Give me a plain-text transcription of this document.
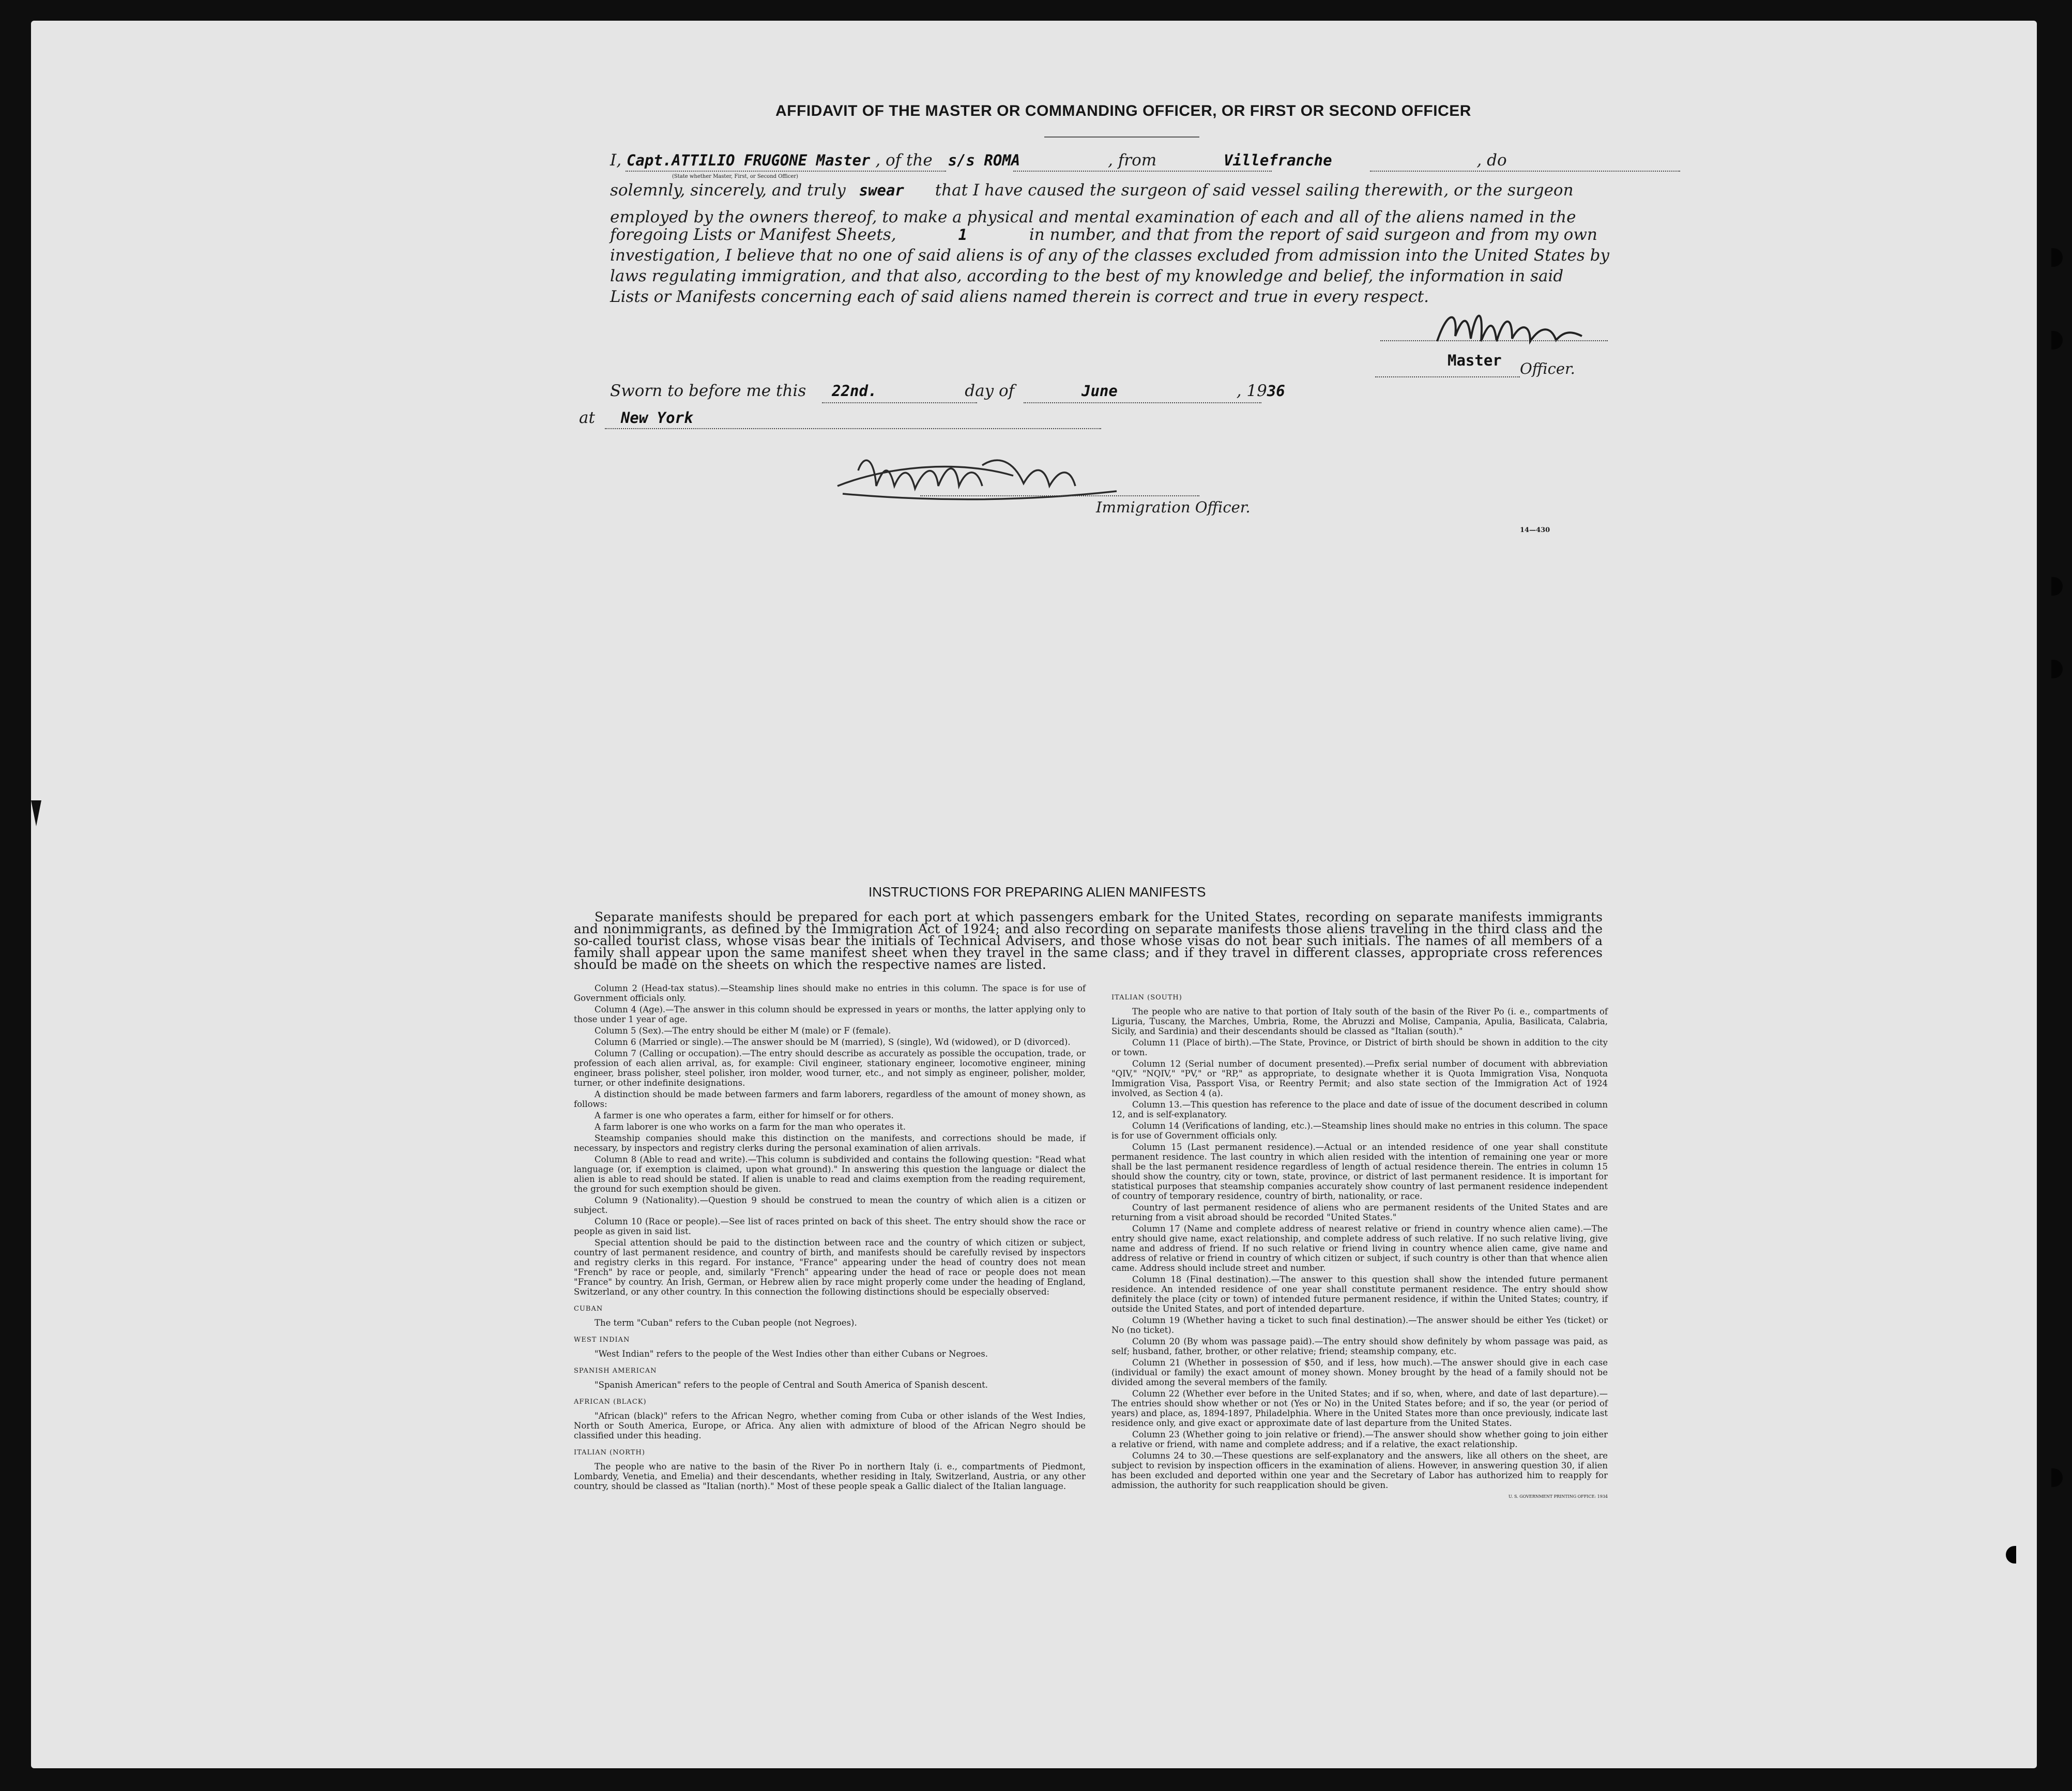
AFFIDAVIT OF THE MASTER OR COMMANDING OFFICER, OR FIRST OR SECOND OFFICER
I, Capt.ATTILIO FRUGONE Master , of the s/s ROMA	, from	Villefranche	, do
(State whether Master, First, or Second Officer)
solemnly, sincerely, and truly swear that I have caused the surgeon of said vessel sailing therewith, or the surgeon
employed by the owners thereof, to make a physical and mental examination of each and all of the aliens named in the
foregoing Lists or Manifest Sheets,	1	in number, and that from the report of said surgeon and from my own
investigation, I believe that no one of said aliens is of any of the classes excluded from admission into the United States by
laws regulating immigration, and that also, according to the best of my knowledge and belief, the information in said
Lists or Manifests concerning each of said aliens named therein is correct and true in every respect.
Master Officer.
Sworn to before me this 22nd.	day of	June	, 1936
at New York
Immigration Officer.
14—430
INSTRUCTIONS FOR PREPARING ALIEN MANIFESTS

Separate manifests should be prepared for each port at which passengers embark for the United States, recording on separate manifests immigrants and nonimmigrants, as defined by the Immigration Act of 1924; and also recording on separate manifests those aliens traveling in the third class and the so-called tourist class, whose visas bear the initials of Technical Advisers, and those whose visas do not bear such initials. The names of all members of a family shall appear upon the same manifest sheet when they travel in the same class; and if they travel in different classes, appropriate cross references should be made on the sheets on which the respective names are listed.

Column 2 (Head-tax status).—Steamship lines should make no entries in this column. The space is for use of Government officials only.

Column 4 (Age).—The answer in this column should be expressed in years or months, the latter applying only to those under 1 year of age.

Column 5 (Sex).—The entry should be either M (male) or F (female).

Column 6 (Married or single).—The answer should be M (married), S (single), Wd (widowed), or D (divorced).

Column 7 (Calling or occupation).—The entry should describe as accurately as possible the occupation, trade, or profession of each alien arrival, as, for example: Civil engineer, stationary engineer, locomotive engineer, mining engineer, brass polisher, steel polisher, iron molder, wood turner, etc., and not simply as engineer, polisher, molder, turner, or other indefinite designations.

A distinction should be made between farmers and farm laborers, regardless of the amount of money shown, as follows:

A farmer is one who operates a farm, either for himself or for others.

A farm laborer is one who works on a farm for the man who operates it.

Steamship companies should make this distinction on the manifests, and corrections should be made, if necessary, by inspectors and registry clerks during the personal examination of alien arrivals.

Column 8 (Able to read and write).—This column is subdivided and contains the following question: "Read what language (or, if exemption is claimed, upon what ground)." In answering this question the language or dialect the alien is able to read should be stated. If alien is unable to read and claims exemption from the reading requirement, the ground for such exemption should be given.

Column 9 (Nationality).—Question 9 should be construed to mean the country of which alien is a citizen or subject.

Column 10 (Race or people).—See list of races printed on back of this sheet. The entry should show the race or people as given in said list.

Special attention should be paid to the distinction between race and the country of which citizen or subject, country of last permanent residence, and country of birth, and manifests should be carefully revised by inspectors and registry clerks in this regard. For instance, "France" appearing under the head of country does not mean "French" by race or people, and, similarly "French" appearing under the head of race or people does not mean "France" by country. An Irish, German, or Hebrew alien by race might properly come under the heading of England, Switzerland, or any other country. In this connection the following distinctions should be especially observed:

CUBAN

The term "Cuban" refers to the Cuban people (not Negroes).

WEST INDIAN

"West Indian" refers to the people of the West Indies other than either Cubans or Negroes.

SPANISH AMERICAN

"Spanish American" refers to the people of Central and South America of Spanish descent.

AFRICAN (BLACK)

"African (black)" refers to the African Negro, whether coming from Cuba or other islands of the West Indies, North or South America, Europe, or Africa. Any alien with admixture of blood of the African Negro should be classified under this heading.

ITALIAN (NORTH)

The people who are native to the basin of the River Po in northern Italy (i. e., compartments of Piedmont, Lombardy, Venetia, and Emelia) and their descendants, whether residing in Italy, Switzerland, Austria, or any other country, should be classed as "Italian (north)." Most of these people speak a Gallic dialect of the Italian language.

ITALIAN (SOUTH)

The people who are native to that portion of Italy south of the basin of the River Po (i. e., compartments of Liguria, Tuscany, the Marches, Umbria, Rome, the Abruzzi and Molise, Campania, Apulia, Basilicata, Calabria, Sicily, and Sardinia) and their descendants should be classed as "Italian (south)."

Column 11 (Place of birth).—The State, Province, or District of birth should be shown in addition to the city or town.

Column 12 (Serial number of document presented).—Prefix serial number of document with abbreviation "QIV," "NQIV," "PV," or "RP," as appropriate, to designate whether it is Quota Immigration Visa, Nonquota Immigration Visa, Passport Visa, or Reentry Permit; and also state section of the Immigration Act of 1924 involved, as Section 4 (a).

Column 13.—This question has reference to the place and date of issue of the document described in column 12, and is self-explanatory.

Column 14 (Verifications of landing, etc.).—Steamship lines should make no entries in this column. The space is for use of Government officials only.

Column 15 (Last permanent residence).—Actual or an intended residence of one year shall constitute permanent residence. The last country in which alien resided with the intention of remaining one year or more shall be the last permanent residence regardless of length of actual residence therein. The entries in column 15 should show the country, city or town, state, province, or district of last permanent residence. It is important for statistical purposes that steamship companies accurately show country of last permanent residence independent of country of temporary residence, country of birth, nationality, or race.

Country of last permanent residence of aliens who are permanent residents of the United States and are returning from a visit abroad should be recorded "United States."

Column 17 (Name and complete address of nearest relative or friend in country whence alien came).—The entry should give name, exact relationship, and complete address of such relative. If no such relative living, give name and address of friend. If no such relative or friend living in country whence alien came, give name and address of relative or friend in country of which citizen or subject, if such country is other than that whence alien came. Address should include street and number.

Column 18 (Final destination).—The answer to this question shall show the intended future permanent residence. An intended residence of one year shall constitute permanent residence. The entry should show definitely the place (city or town) of intended future permanent residence, if within the United States; country, if outside the United States, and port of intended departure.

Column 19 (Whether having a ticket to such final destination).—The answer should be either Yes (ticket) or No (no ticket).

Column 20 (By whom was passage paid).—The entry should show definitely by whom passage was paid, as self; husband, father, brother, or other relative; friend; steamship company, etc.

Column 21 (Whether in possession of $50, and if less, how much).—The answer should give in each case (individual or family) the exact amount of money shown. Money brought by the head of a family should not be divided among the several members of the family.

Column 22 (Whether ever before in the United States; and if so, when, where, and date of last departure).—The entries should show whether or not (Yes or No) in the United States before; and if so, the year (or period of years) and place, as, 1894-1897, Philadelphia. Where in the United States more than once previously, indicate last residence only, and give exact or approximate date of last departure from the United States.

Column 23 (Whether going to join relative or friend).—The answer should show whether going to join either a relative or friend, with name and complete address; and if a relative, the exact relationship.

Columns 24 to 30.—These questions are self-explanatory and the answers, like all others on the sheet, are subject to revision by inspection officers in the examination of aliens. However, in answering question 30, if alien has been excluded and deported within one year and the Secretary of Labor has authorized him to reapply for admission, the authority for such reapplication should be given.

U. S. GOVERNMENT PRINTING OFFICE: 1934
